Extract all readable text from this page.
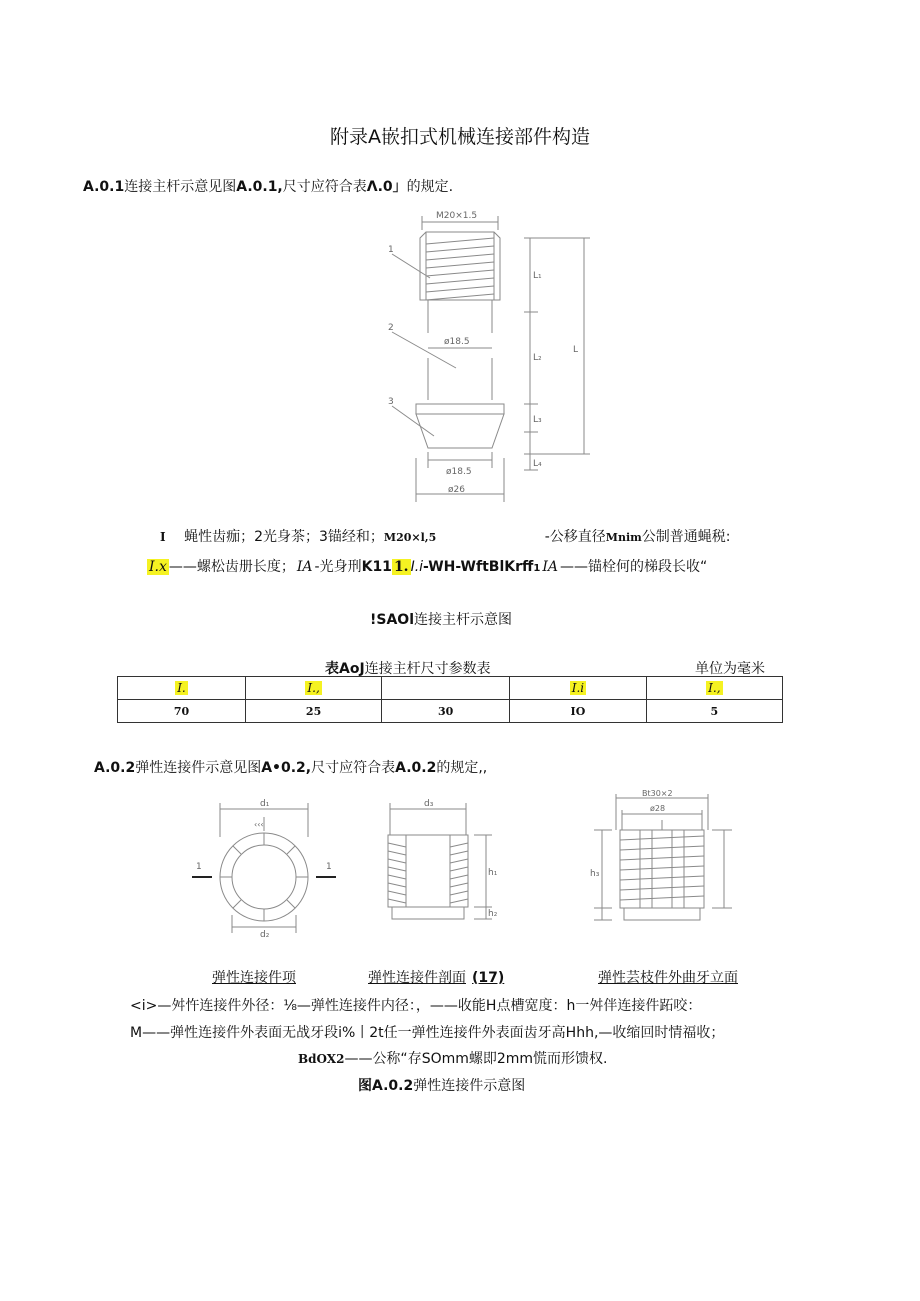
附录A嵌扣式机械连接部件构造
A.0.1连接主杆示意见图A.0.1,尺寸应符合表Λ.0」的规定.
M20×1.5
ø18.5
ø18.5
ø26
1
2
3
L₁
L₂
L₃
L₄
L
I 蝇性齿痂；2光身茶；3锚经和；M20×l,5	-公移直径Mnim公制普通蝇税:
I.x ——螺松齿册长度； IA -光身刑K11 1. I.i-WH-WftBlKrff1 IA ——锚栓何的梯段长收“
!SAOl连接主杆示意图
表AoJ连接主杆尺寸参数表	单位为毫米
I.	I.,		I.i	I.,
70	25	30	IO	5
A.0.2弹性连接件示意见图A•0.2,尺寸应符合表A.0.2的规定,,
d₁
d₂
1	1
‹‹‹
d₃
h₁
h₂
Bt30×2
ø28
h₃
弹性连接件项	弹性连接件剖面 (17)	弹性芸枝件外曲牙立面
<i>—舛忤连接件外径：⅛—弹性连接件内径：，——收能H点槽宽度：h一舛伴连接件跖咬：
M——弹性连接件外表面无战牙段i%丨2t任一弹性连接件外表面齿牙高Hhh,—收缩回时情福收；
BdOX2——公称“存SOmm螺即2mm慌而形馈权.
图A.0.2弹性连接件示意图
